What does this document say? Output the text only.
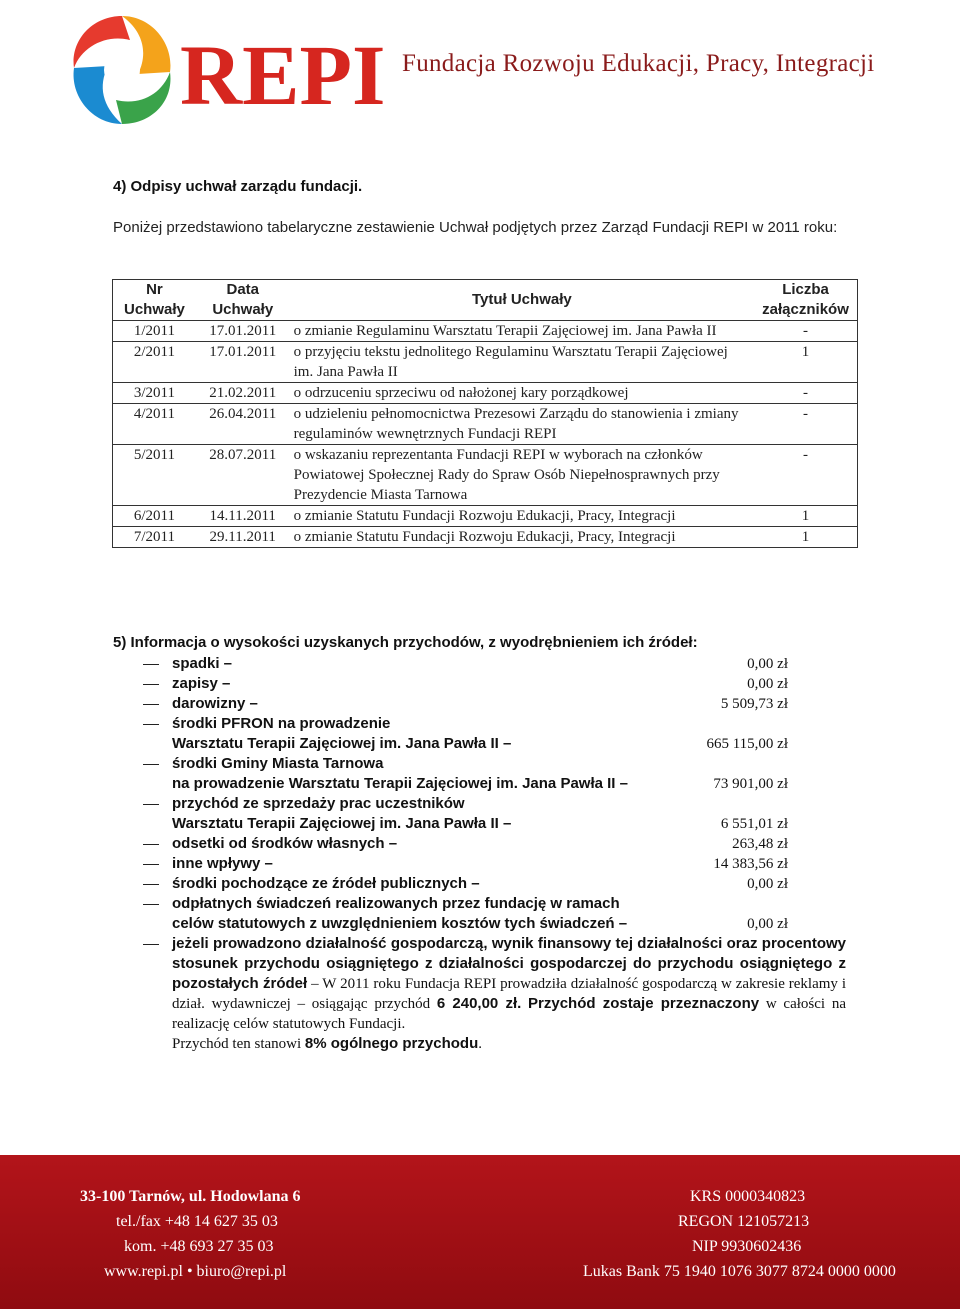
REPI Fundacja Rozwoju Edukacji, Pracy, Integracji
4) Odpisy uchwał zarządu fundacji.
Poniżej przedstawiono tabelaryczne zestawienie Uchwał podjętych przez Zarząd Fundacji REPI w 2011 roku:
Nr Uchwały	Data Uchwały	Tytuł Uchwały	Liczba załączników
1/2011	17.01.2011	o zmianie Regulaminu Warsztatu Terapii Zajęciowej im. Jana Pawła II	-
2/2011	17.01.2011	o przyjęciu tekstu jednolitego Regulaminu Warsztatu Terapii Zajęciowej im. Jana Pawła II	1
3/2011	21.02.2011	o odrzuceniu sprzeciwu od nałożonej kary porządkowej	-
4/2011	26.04.2011	o udzieleniu pełnomocnictwa Prezesowi Zarządu do stanowienia i zmiany regulaminów wewnętrznych Fundacji REPI	-
5/2011	28.07.2011	o wskazaniu reprezentanta Fundacji REPI w wyborach na członków Powiatowej Społecznej Rady do Spraw Osób Niepełnosprawnych przy Prezydencie Miasta Tarnowa	-
6/2011	14.11.2011	o zmianie Statutu Fundacji Rozwoju Edukacji, Pracy, Integracji	1
7/2011	29.11.2011	o zmianie Statutu Fundacji Rozwoju Edukacji, Pracy, Integracji	1
5) Informacja o wysokości uzyskanych przychodów, z wyodrębnieniem ich źródeł:
spadki –	0,00 zł
zapisy –	0,00 zł
darowizny –	5 509,73 zł
środki PFRON na prowadzenie
Warsztatu Terapii Zajęciowej im. Jana Pawła II –	665 115,00 zł
środki Gminy Miasta Tarnowa
na prowadzenie Warsztatu Terapii Zajęciowej im. Jana Pawła II –	73 901,00 zł
przychód ze sprzedaży prac uczestników
Warsztatu Terapii Zajęciowej im. Jana Pawła II –	6 551,01 zł
odsetki od środków własnych –	263,48 zł
inne wpływy –	14 383,56 zł
środki pochodzące ze źródeł publicznych –	0,00 zł
odpłatnych świadczeń realizowanych przez fundację w ramach
celów statutowych z uwzględnieniem kosztów tych świadczeń –	0,00 zł
jeżeli prowadzono działalność gospodarczą, wynik finansowy tej działalności oraz procentowy stosunek przychodu osiągniętego z działalności gospodarczej do przychodu osiągniętego z pozostałych źródeł – W 2011 roku Fundacja REPI prowadziła działalność gospodarczą w zakresie reklamy i dział. wydawniczej – osiągając przychód 6 240,00 zł. Przychód zostaje przeznaczony w całości na realizację celów statutowych Fundacji.
Przychód ten stanowi 8% ogólnego przychodu.
33-100 Tarnów, ul. Hodowlana 6
tel./fax +48 14 627 35 03
kom. +48 693 27 35 03
www.repi.pl • biuro@repi.pl
KRS 0000340823
REGON 121057213
NIP 9930602436
Lukas Bank 75 1940 1076 3077 8724 0000 0000
